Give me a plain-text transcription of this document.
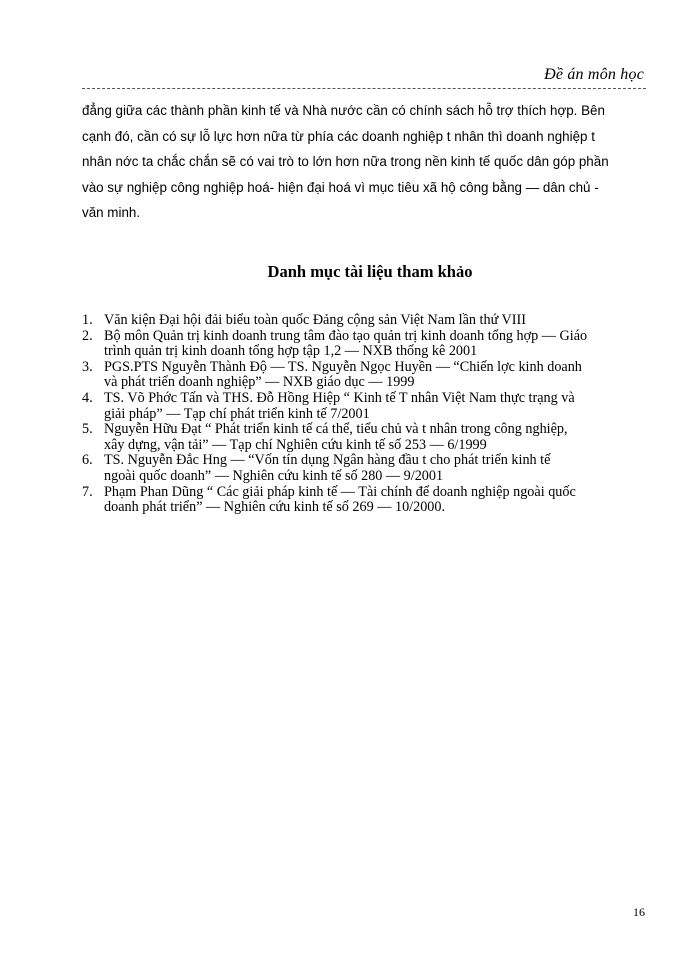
Đề án môn học

đẳng giữa các thành phần kinh tế và Nhà nước cần có chính sách hỗ trợ thích hợp. Bên
cạnh đó, cần có sự lỗ lực hơn nữa từ phía các doanh nghiệp t nhân thì doanh nghiệp t
nhân nớc ta chắc chắn sẽ có vai trò to lớn hơn nữa trong nền kinh tế quốc dân góp phần
vào sự nghiệp công nghiệp hoá- hiện đại hoá vì mục tiêu xã hộ công bằng — dân chủ -
văn minh.

Danh mục tài liệu tham khảo
1. Văn kiện Đại hội đải biểu toàn quốc Đảng cộng sản Việt Nam lần thứ VIII
2. Bộ môn Quản trị kinh doanh trung tâm đào tạo quản trị kinh doanh tổng hợp — Giáo
trình quản trị kinh doanh tổng hợp tập 1,2 — NXB thống kê 2001
3. PGS.PTS Nguyễn Thành Độ — TS. Nguyễn Ngọc Huyền — “Chiến lợc kinh doanh
và phát triển doanh nghiệp” — NXB giáo dục — 1999
4. TS. Võ Phớc Tấn và THS. Đỗ Hồng Hiệp “ Kinh tế T nhân Việt Nam thực trạng và
giải pháp” — Tạp chí phát triển kinh tế 7/2001
5. Nguyễn Hữu Đạt “ Phát triển kinh tế cá thể, tiểu chủ và t nhân trong công nghiệp,
xây dựng, vận tải” — Tạp chí Nghiên cứu kinh tế số 253 — 6/1999
6. TS. Nguyễn Đắc Hng — “Vốn tín dụng Ngân hàng đầu t cho phát triển kinh tế
ngoài quốc doanh” — Nghiên cứu kinh tế số 280 — 9/2001
7. Phạm Phan Dũng “ Các giải pháp kinh tế — Tài chính để doanh nghiệp ngoài quốc
doanh phát triển” — Nghiên cứu kinh tế số 269 — 10/2000.
16
